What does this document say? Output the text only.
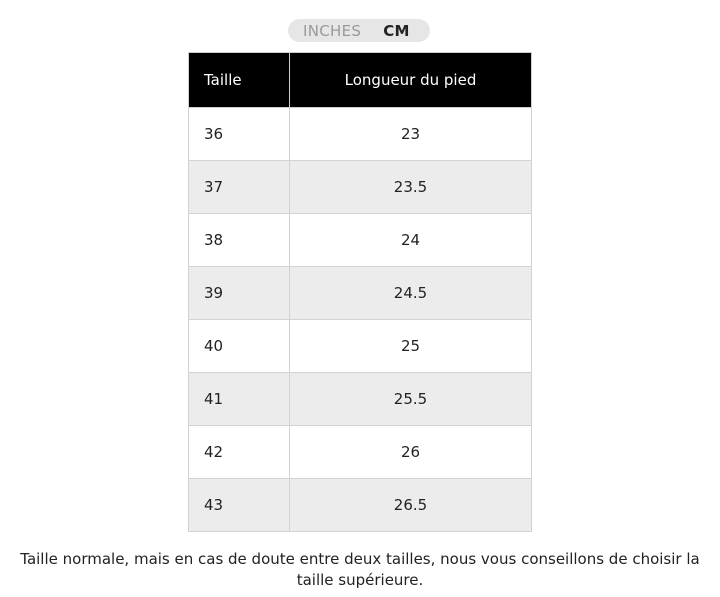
INCHES CM
Taille	Longueur du pied
36	23
37	23.5
38	24
39	24.5
40	25
41	25.5
42	26
43	26.5
Taille normale, mais en cas de doute entre deux tailles, nous vous conseillons de choisir la taille supérieure.
